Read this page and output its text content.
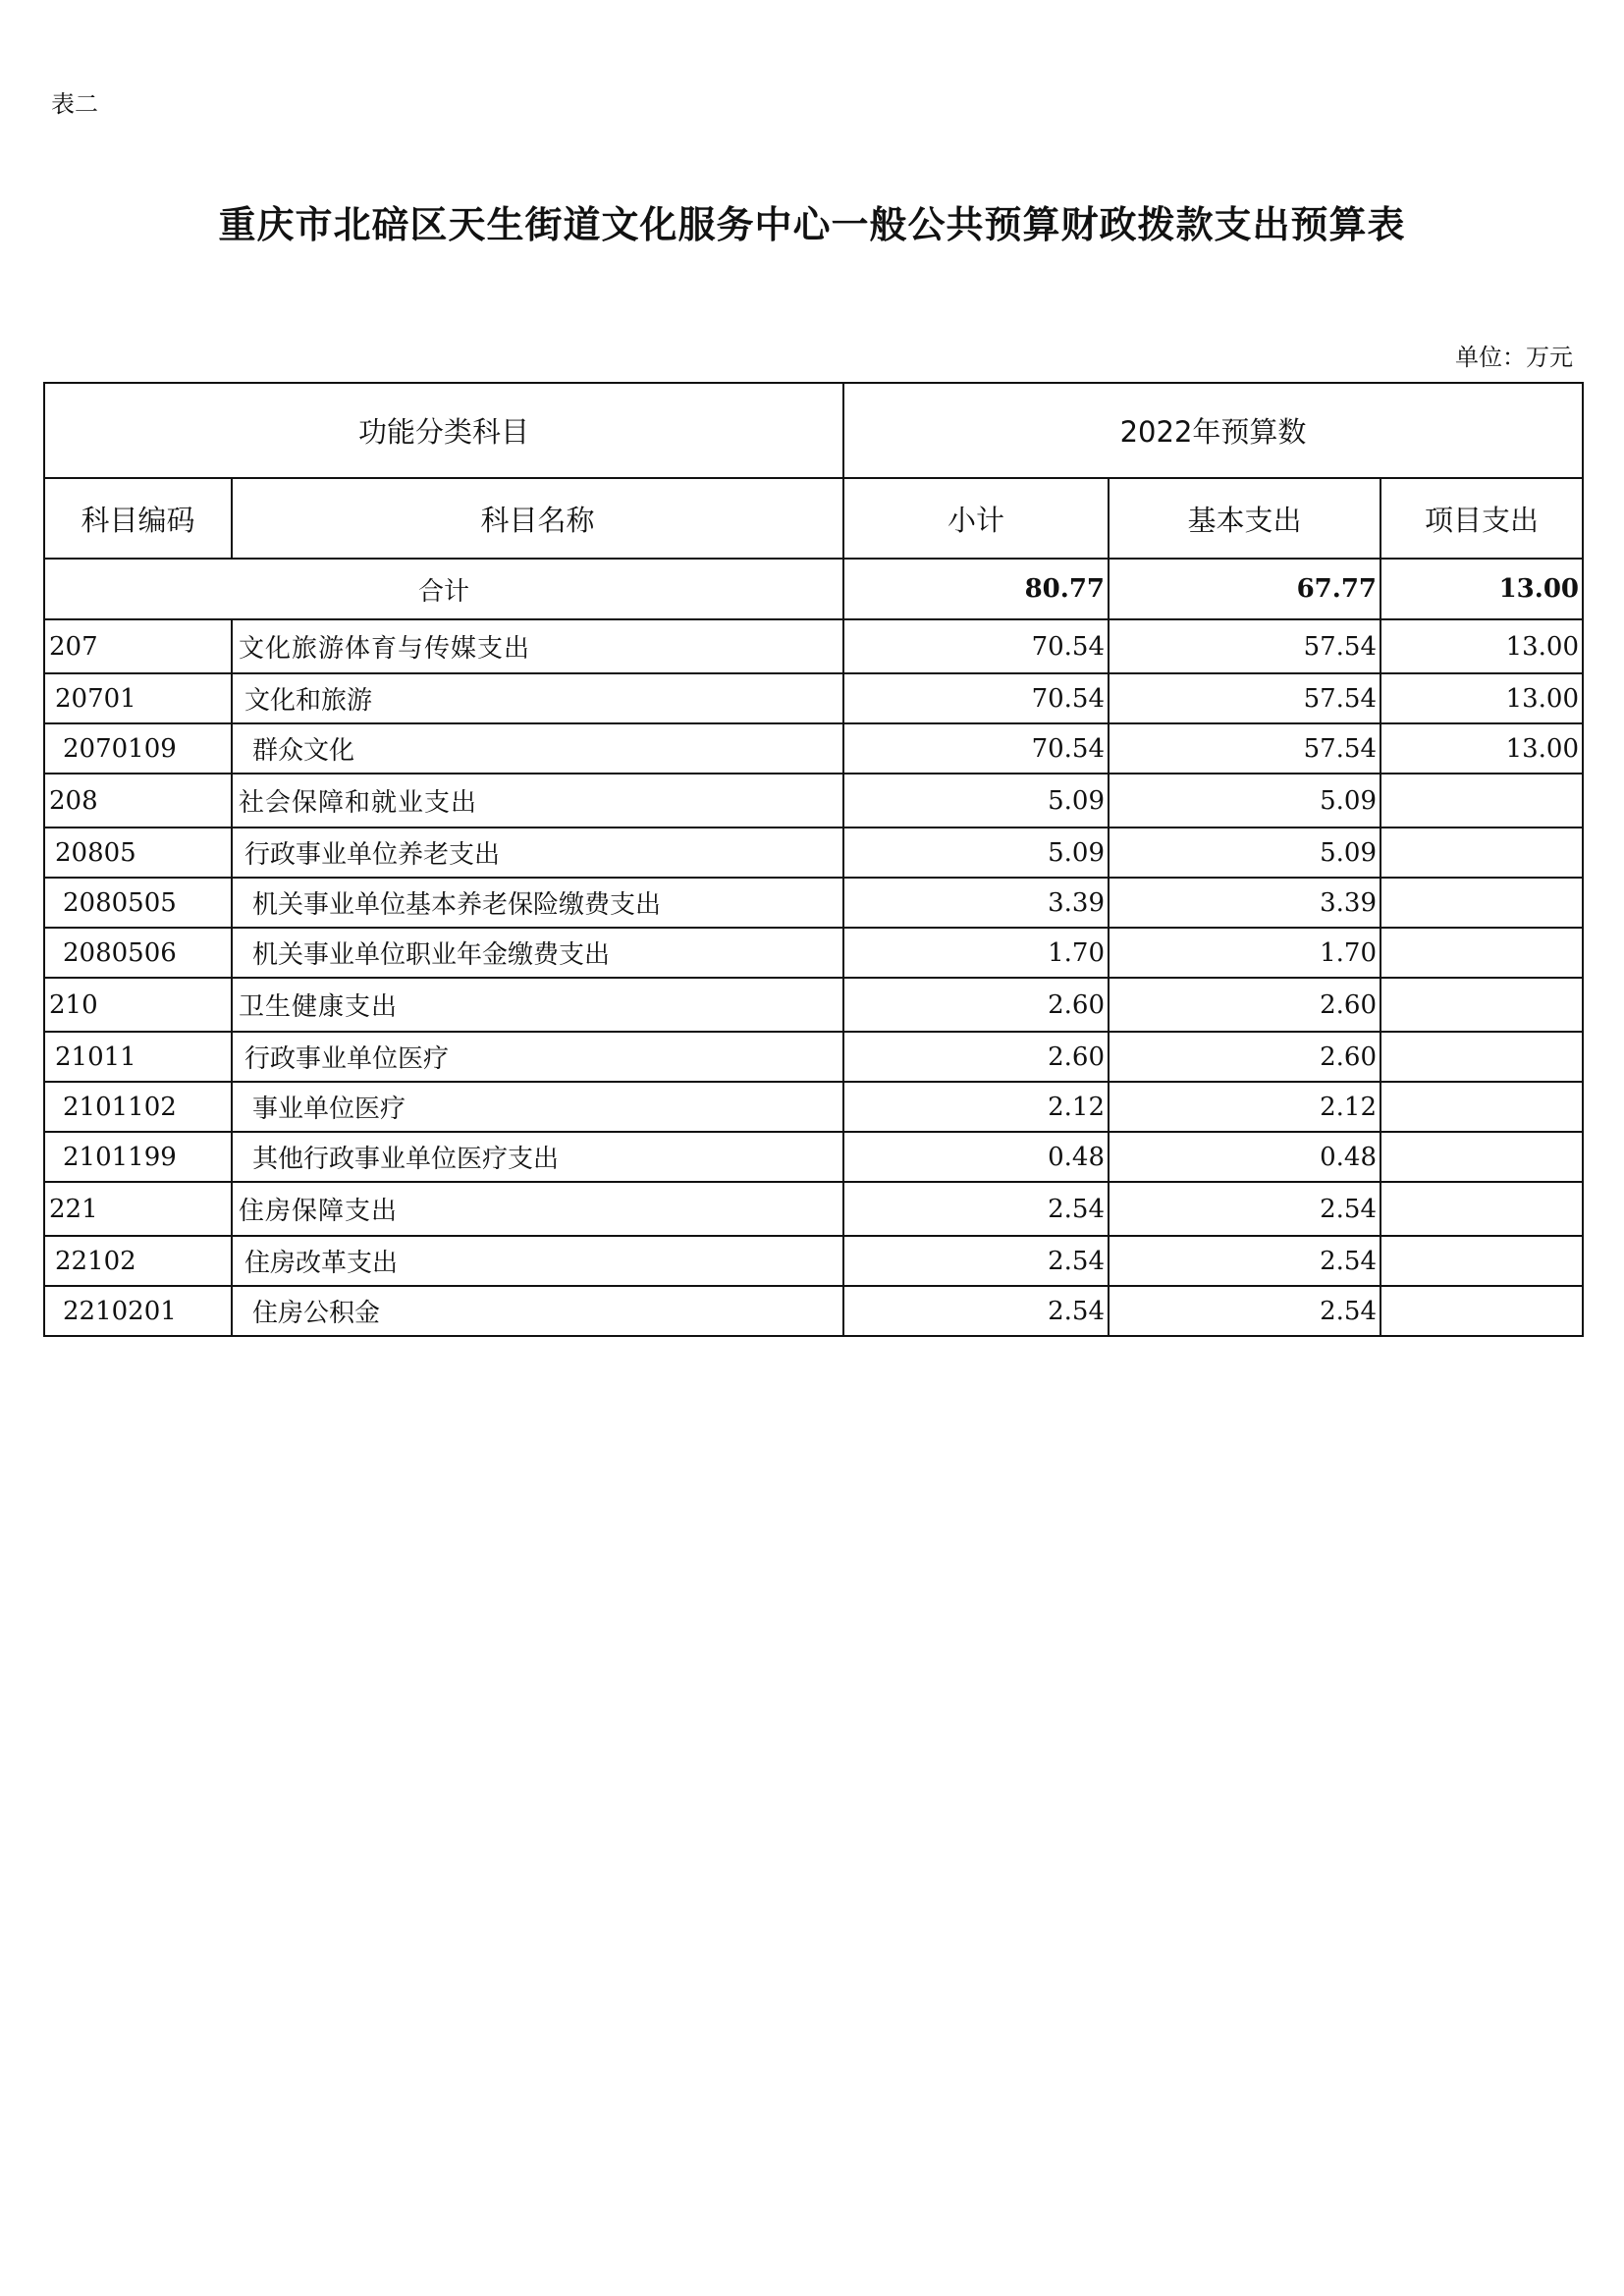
表二
重庆市北碚区天生街道文化服务中心一般公共预算财政拨款支出预算表
单位：万元
功能分类科目		2022年预算数		
科目编码	科目名称	小计	基本支出	项目支出
合计		80.77	67.77	13.00
207	文化旅游体育与传媒支出	70.54	57.54	13.00
20701	文化和旅游	70.54	57.54	13.00
2070109	群众文化	70.54	57.54	13.00
208	社会保障和就业支出	5.09	5.09	
20805	行政事业单位养老支出	5.09	5.09	
2080505	机关事业单位基本养老保险缴费支出	3.39	3.39	
2080506	机关事业单位职业年金缴费支出	1.70	1.70	
210	卫生健康支出	2.60	2.60	
21011	行政事业单位医疗	2.60	2.60	
2101102	事业单位医疗	2.12	2.12	
2101199	其他行政事业单位医疗支出	0.48	0.48	
221	住房保障支出	2.54	2.54	
22102	住房改革支出	2.54	2.54	
2210201	住房公积金	2.54	2.54	
